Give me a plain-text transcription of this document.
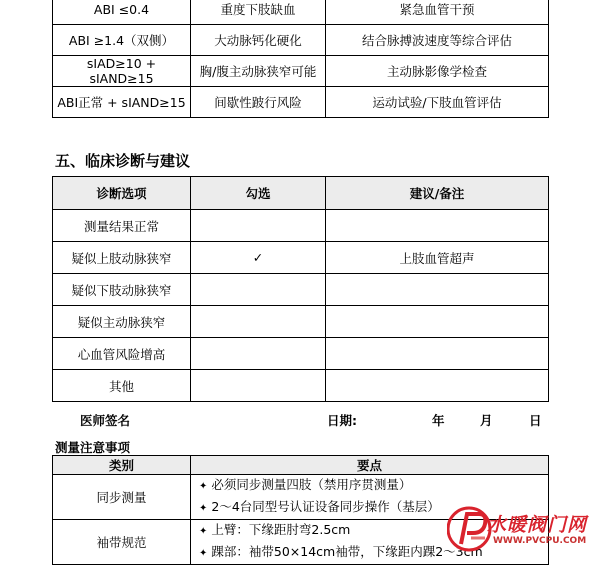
ABI ≤0.4	重度下肢缺血	紧急血管干预
ABI ≥1.4（双侧）	大动脉钙化硬化	结合脉搏波速度等综合评估
sIAD≥10 + sIAND≥15	胸/腹主动脉狭窄可能	主动脉影像学检查
ABI正常 + sIAND≥15	间歇性跛行风险	运动试验/下肢血管评估
五、临床诊断与建议
诊断选项	勾选	建议/备注
测量结果正常		
疑似上肢动脉狭窄	✓	上肢血管超声
疑似下肢动脉狭窄		
疑似主动脉狭窄		
心血管风险增高		
其他		
医师签名	日期:	年	月	日
测量注意事项
类别	要点
同步测量	✦ 必须同步测量四肢（禁用序贯测量）
✦ 2～4台同型号认证设备同步操作（基层）

袖带规范	✦ 上臂：下缘距肘弯2.5cm
✦ 踝部：袖带50×14cm袖带，下缘距内踝2～3cm
水暖阀门网
WWW.PVCPU.COM
